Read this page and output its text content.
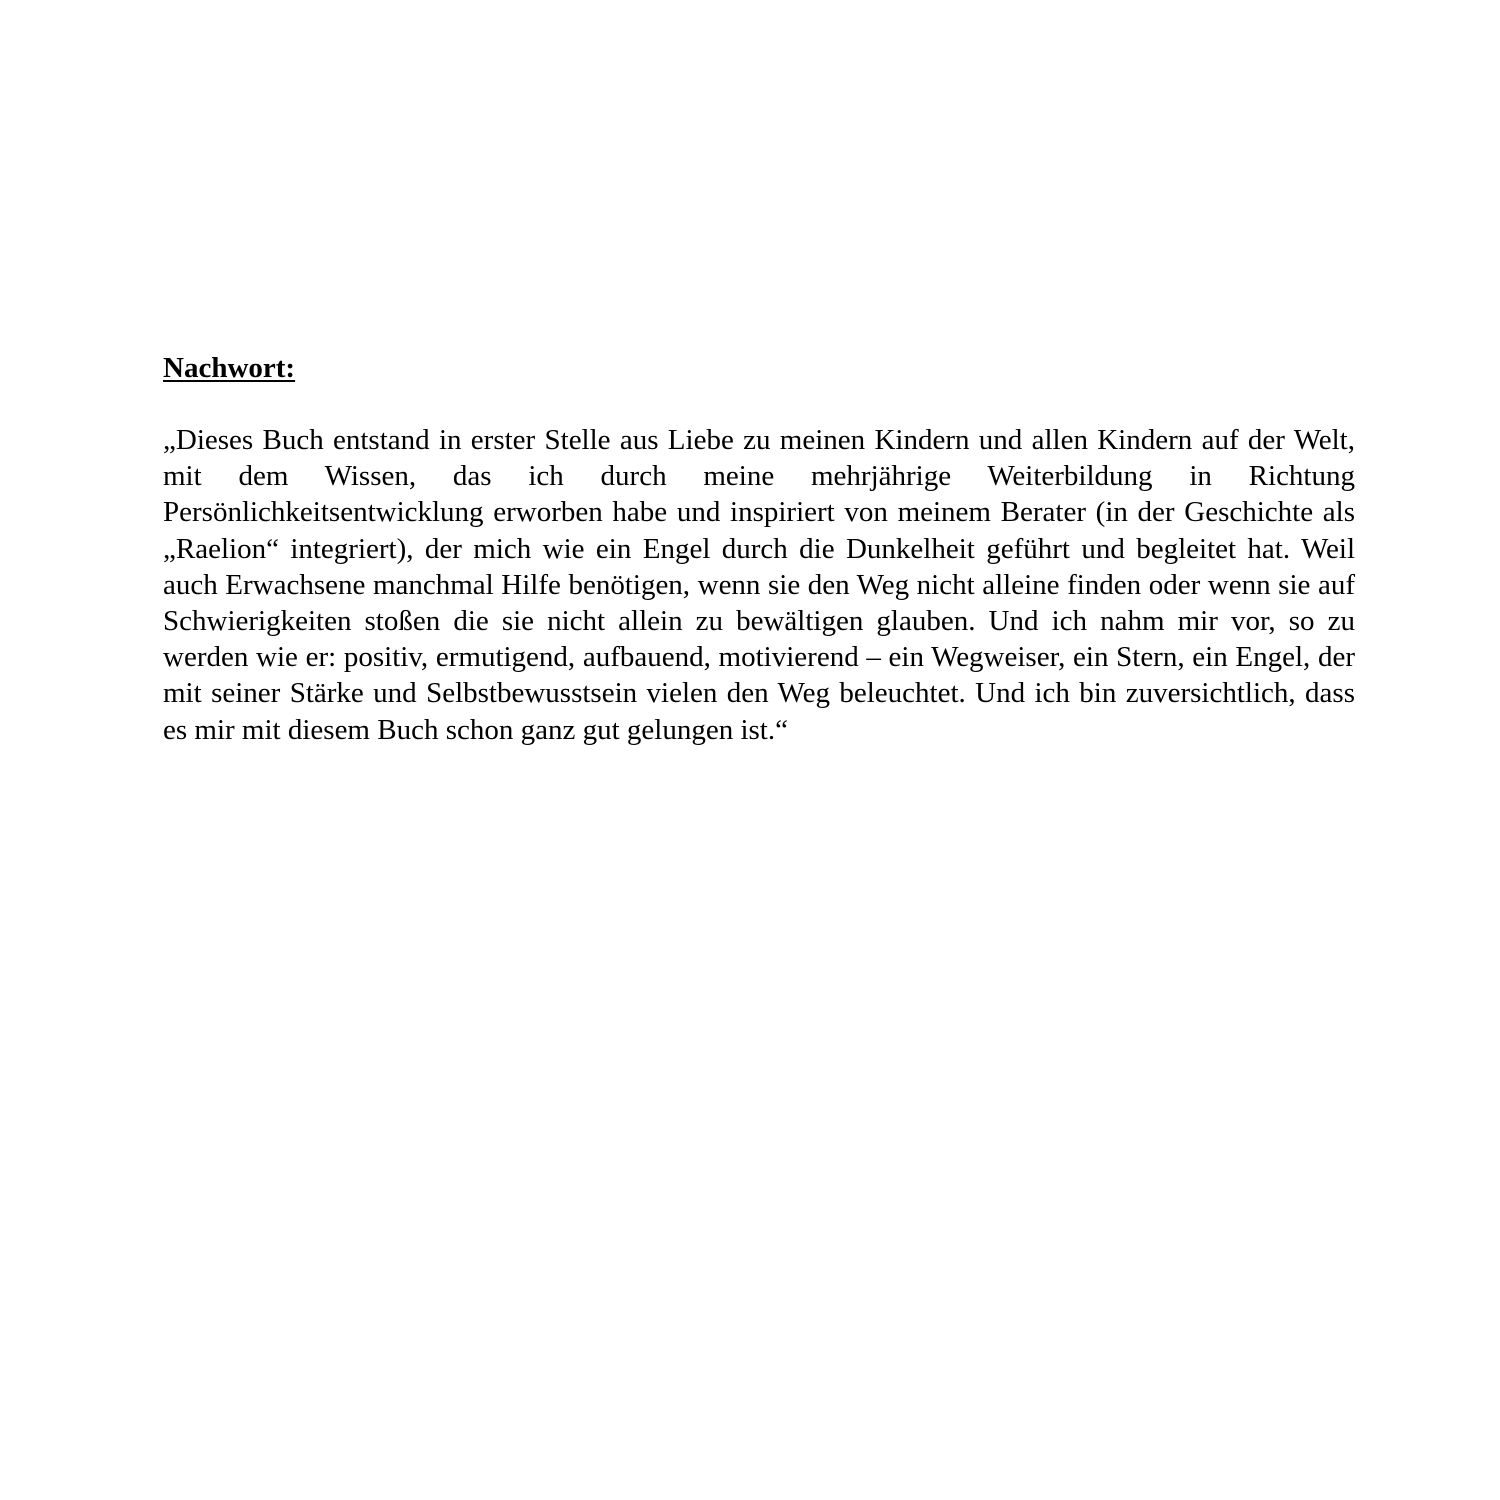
Nachwort:

„Dieses Buch entstand in erster Stelle aus Liebe zu meinen Kindern und allen Kindern auf der Welt, mit dem Wissen, das ich durch meine mehrjährige Weiterbildung in Richtung Persönlichkeitsentwicklung erworben habe und inspiriert von meinem Berater (in der Geschichte als „Raelion“ integriert), der mich wie ein Engel durch die Dunkelheit geführt und begleitet hat. Weil auch Erwachsene manchmal Hilfe benötigen, wenn sie den Weg nicht alleine finden oder wenn sie auf Schwierigkeiten stoßen die sie nicht allein zu bewältigen glauben. Und ich nahm mir vor, so zu werden wie er: positiv, ermutigend, aufbauend, motivierend – ein Wegweiser, ein Stern, ein Engel, der mit seiner Stärke und Selbstbewusstsein vielen den Weg beleuchtet. Und ich bin zuversichtlich, dass es mir mit diesem Buch schon ganz gut gelungen ist.“
